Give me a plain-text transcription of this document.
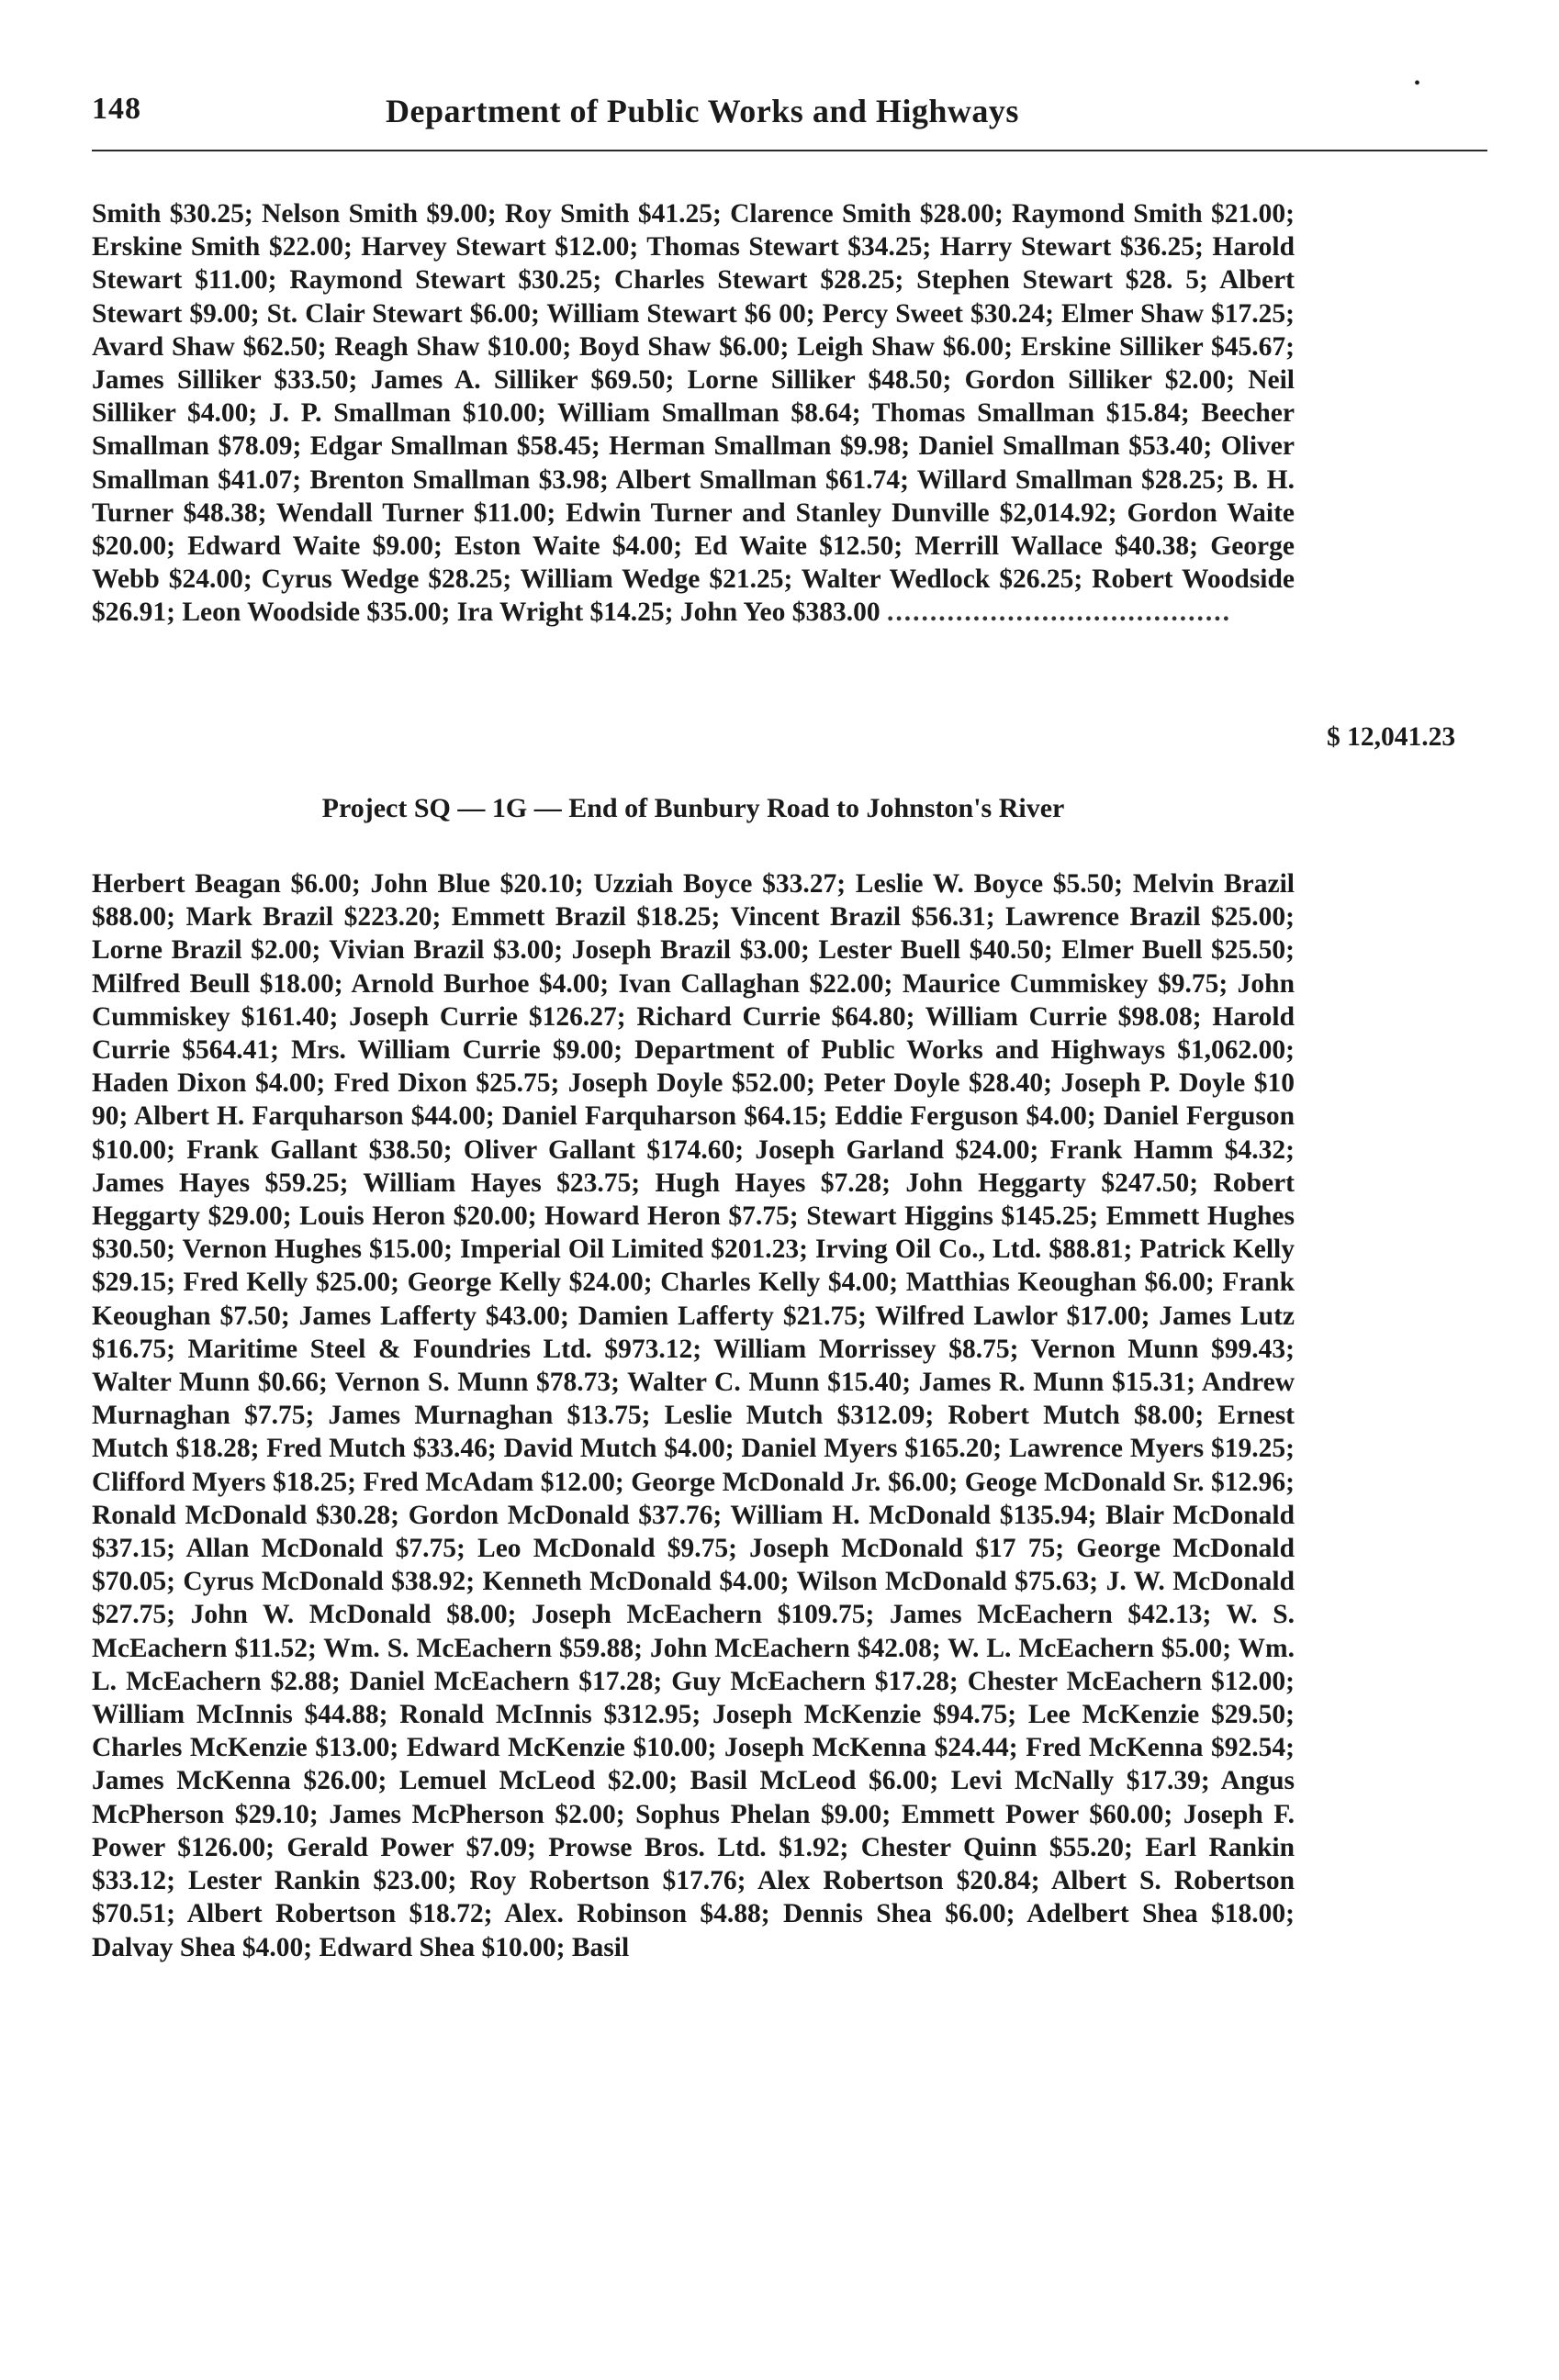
148	Department of Public Works and Highways
•
Smith $30.25; Nelson Smith $9.00; Roy Smith $41.25; Clarence Smith $28.00; Raymond Smith $21.00; Erskine Smith $22.00; Harvey Stewart $12.00; Thomas Stewart $34.25; Harry Stewart $36.25; Harold Stewart $11.00; Raymond Stewart $30.25; Charles Stewart $28.25; Stephen Stewart $28. 5; Albert Stewart $9.00; St. Clair Stewart $6.00; William Stewart $6 00; Percy Sweet $30.24; Elmer Shaw $17.25; Avard Shaw $62.50; Reagh Shaw $10.00; Boyd Shaw $6.00; Leigh Shaw $6.00; Erskine Silliker $45.67; James Silliker $33.50; James A. Silliker $69.50; Lorne Silliker $48.50; Gordon Silliker $2.00; Neil Silliker $4.00; J. P. Smallman $10.00; William Smallman $8.64; Thomas Smallman $15.84; Beecher Smallman $78.09; Edgar Smallman $58.45; Herman Smallman $9.98; Daniel Smallman $53.40; Oliver Smallman $41.07; Brenton Smallman $3.98; Albert Smallman $61.74; Willard Smallman $28.25; B. H. Turner $48.38; Wendall Turner $11.00; Edwin Turner and Stanley Dunville $2,014.92; Gordon Waite $20.00; Edward Waite $9.00; Eston Waite $4.00; Ed Waite $12.50; Merrill Wallace $40.38; George Webb $24.00; Cyrus Wedge $28.25; William Wedge $21.25; Walter Wedlock $26.25; Robert Woodside $26.91; Leon Woodside $35.00; Ira Wright $14.25; John Yeo $383.00 ........................................
$ 12,041.23
Project SQ — 1G — End of Bunbury Road to Johnston's River
Herbert Beagan $6.00; John Blue $20.10; Uzziah Boyce $33.27; Leslie W. Boyce $5.50; Melvin Brazil $88.00; Mark Brazil $223.20; Emmett Brazil $18.25; Vincent Brazil $56.31; Lawrence Brazil $25.00; Lorne Brazil $2.00; Vivian Brazil $3.00; Joseph Brazil $3.00; Lester Buell $40.50; Elmer Buell $25.50; Milfred Beull $18.00; Arnold Burhoe $4.00; Ivan Callaghan $22.00; Maurice Cummiskey $9.75; John Cummiskey $161.40; Joseph Currie $126.27; Richard Currie $64.80; William Currie $98.08; Harold Currie $564.41; Mrs. William Currie $9.00; Department of Public Works and Highways $1,062.00; Haden Dixon $4.00; Fred Dixon $25.75; Joseph Doyle $52.00; Peter Doyle $28.40; Joseph P. Doyle $10 90; Albert H. Farquharson $44.00; Daniel Farquharson $64.15; Eddie Ferguson $4.00; Daniel Ferguson $10.00; Frank Gallant $38.50; Oliver Gallant $174.60; Joseph Garland $24.00; Frank Hamm $4.32; James Hayes $59.25; William Hayes $23.75; Hugh Hayes $7.28; John Heggarty $247.50; Robert Heggarty $29.00; Louis Heron $20.00; Howard Heron $7.75; Stewart Higgins $145.25; Emmett Hughes $30.50; Vernon Hughes $15.00; Imperial Oil Limited $201.23; Irving Oil Co., Ltd. $88.81; Patrick Kelly $29.15; Fred Kelly $25.00; George Kelly $24.00; Charles Kelly $4.00; Matthias Keoughan $6.00; Frank Keoughan $7.50; James Lafferty $43.00; Damien Lafferty $21.75; Wilfred Lawlor $17.00; James Lutz $16.75; Maritime Steel & Foundries Ltd. $973.12; William Morrissey $8.75; Vernon Munn $99.43; Walter Munn $0.66; Vernon S. Munn $78.73; Walter C. Munn $15.40; James R. Munn $15.31; Andrew Murnaghan $7.75; James Murnaghan $13.75; Leslie Mutch $312.09; Robert Mutch $8.00; Ernest Mutch $18.28; Fred Mutch $33.46; David Mutch $4.00; Daniel Myers $165.20; Lawrence Myers $19.25; Clifford Myers $18.25; Fred McAdam $12.00; George McDonald Jr. $6.00; Geoge McDonald Sr. $12.96; Ronald McDonald $30.28; Gordon McDonald $37.76; William H. McDonald $135.94; Blair McDonald $37.15; Allan McDonald $7.75; Leo McDonald $9.75; Joseph McDonald $17 75; George McDonald $70.05; Cyrus McDonald $38.92; Kenneth McDonald $4.00; Wilson McDonald $75.63; J. W. McDonald $27.75; John W. McDonald $8.00; Joseph McEachern $109.75; James McEachern $42.13; W. S. McEachern $11.52; Wm. S. McEachern $59.88; John McEachern $42.08; W. L. McEachern $5.00; Wm. L. McEachern $2.88; Daniel McEachern $17.28; Guy McEachern $17.28; Chester McEachern $12.00; William McInnis $44.88; Ronald McInnis $312.95; Joseph McKenzie $94.75; Lee McKenzie $29.50; Charles McKenzie $13.00; Edward McKenzie $10.00; Joseph McKenna $24.44; Fred McKenna $92.54; James McKenna $26.00; Lemuel McLeod $2.00; Basil McLeod $6.00; Levi McNally $17.39; Angus McPherson $29.10; James McPherson $2.00; Sophus Phelan $9.00; Emmett Power $60.00; Joseph F. Power $126.00; Gerald Power $7.09; Prowse Bros. Ltd. $1.92; Chester Quinn $55.20; Earl Rankin $33.12; Lester Rankin $23.00; Roy Robertson $17.76; Alex Robertson $20.84; Albert S. Robertson $70.51; Albert Robertson $18.72; Alex. Robinson $4.88; Dennis Shea $6.00; Adelbert Shea $18.00; Dalvay Shea $4.00; Edward Shea $10.00; Basil
